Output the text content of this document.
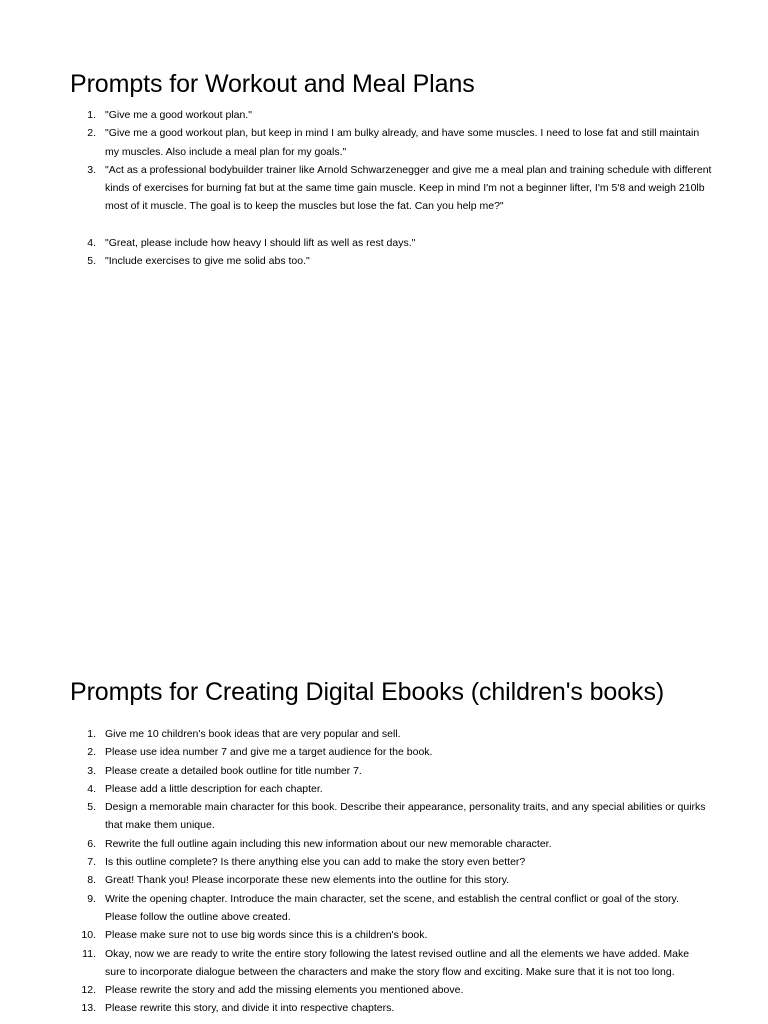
Prompts for Workout and Meal Plans
1. "Give me a good workout plan."
2. "Give me a good workout plan, but keep in mind I am bulky already, and have some muscles. I need to lose fat and still maintain my muscles. Also include a meal plan for my goals."
3. "Act as a professional bodybuilder trainer like Arnold Schwarzenegger and give me a meal plan and training schedule with different kinds of exercises for burning fat but at the same time gain muscle. Keep in mind I'm not a beginner lifter, I'm 5'8 and weigh 210lb most of it muscle. The goal is to keep the muscles but lose the fat. Can you help me?"
4. "Great, please include how heavy I should lift as well as rest days."
5. "Include exercises to give me solid abs too."
Prompts for Creating Digital Ebooks (children's books)
1. Give me 10 children's book ideas that are very popular and sell.
2. Please use idea number 7 and give me a target audience for the book.
3. Please create a detailed book outline for title number 7.
4. Please add a little description for each chapter.
5. Design a memorable main character for this book. Describe their appearance, personality traits, and any special abilities or quirks that make them unique.
6. Rewrite the full outline again including this new information about our new memorable character.
7. Is this outline complete? Is there anything else you can add to make the story even better?
8. Great! Thank you! Please incorporate these new elements into the outline for this story.
9. Write the opening chapter. Introduce the main character, set the scene, and establish the central conflict or goal of the story. Please follow the outline above created.
10. Please make sure not to use big words since this is a children's book.
11. Okay, now we are ready to write the entire story following the latest revised outline and all the elements we have added. Make sure to incorporate dialogue between the characters and make the story flow and exciting. Make sure that it is not too long.
12. Please rewrite the story and add the missing elements you mentioned above.
13. Please rewrite this story, and divide it into respective chapters.
